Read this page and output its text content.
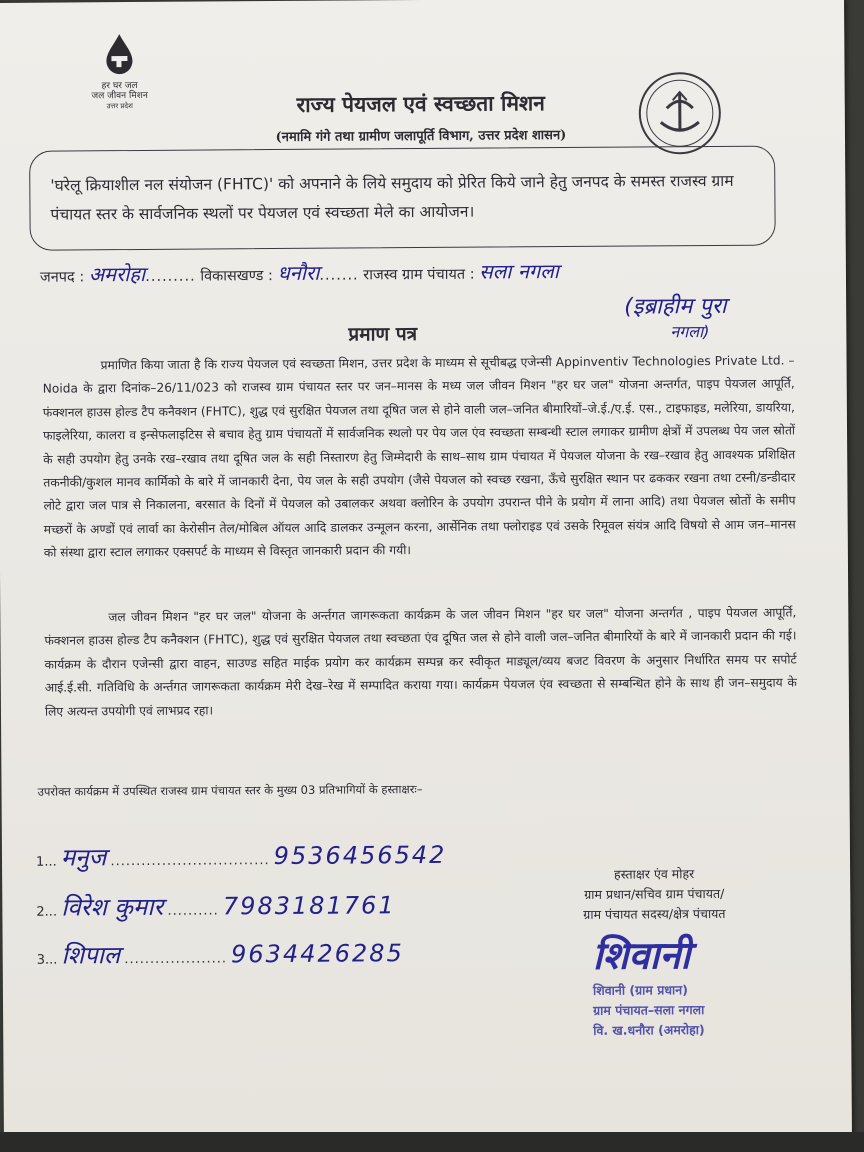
हर घर जल
जल जीवन मिशन
उत्तर प्रदेश	राज्य पेयजल एवं स्वच्छता मिशन
(नमामि गंगे तथा ग्रामीण जलापूर्ति विभाग, उत्तर प्रदेश शासन)
'घरेलू क्रियाशील नल संयोजन (FHTC)' को अपनाने के लिये समुदाय को प्रेरित किये जाने हेतु जनपद के समस्त राजस्व ग्राम पंचायत स्तर के सार्वजनिक स्थलों पर पेयजल एवं स्वच्छता मेले का आयोजन।
जनपद : अमरोहा......... विकासखण्ड : धनौरा....... राजस्व ग्राम पंचायत : सला नगला
(इब्राहीम पुरा
नगला)
प्रमाण पत्र
प्रमाणित किया जाता है कि राज्य पेयजल एवं स्वच्छता मिशन, उत्तर प्रदेश के माध्यम से सूचीबद्ध एजेन्सी Appinventiv Technologies Private Ltd. – Noida के द्वारा दिनांक–26/11/023 को राजस्व ग्राम पंचायत स्तर पर जन–मानस के मध्य जल जीवन मिशन "हर घर जल" योजना अन्तर्गत, पाइप पेयजल आपूर्ति, फंक्शनल हाउस होल्ड टैप कनैक्शन (FHTC), शुद्ध एवं सुरक्षित पेयजल तथा दूषित जल से होने वाली जल–जनित बीमारियों–जे.ई./ए.ई. एस., टाइफाइड, मलेरिया, डायरिया, फाइलेरिया, कालरा व इन्सेफलाइटिस से बचाव हेतु ग्राम पंचायतों में सार्वजनिक स्थलो पर पेय जल एंव स्वच्छता सम्बन्धी स्टाल लगाकर ग्रामीण क्षेत्रों में उपलब्ध पेय जल स्रोतों के सही उपयोग हेतु उनके रख–रखाव तथा दूषित जल के सही निस्तारण हेतु जिम्मेदारी के साथ–साथ ग्राम पंचायत में पेयजल योजना के रख–रखाव हेतु आवश्यक प्रशिक्षित तकनीकी/कुशल मानव कार्मिको के बारे में जानकारी देना, पेय जल के सही उपयोग (जैसे पेयजल को स्वच्छ रखना, ऊँचे सुरक्षित स्थान पर ढककर रखना तथा टस्नी/डन्डीदार लोटे द्वारा जल पात्र से निकालना, बरसात के दिनों में पेयजल को उबालकर अथवा क्लोरिन के उपयोग उपरान्त पीने के प्रयोग में लाना आदि) तथा पेयजल स्रोतों के समीप मच्छरों के अण्डों एवं लार्वा का केरोसीन तेल/मोबिल ऑयल आदि डालकर उन्मूलन करना, आर्सेनिक तथा फ्लोराइड एवं उसके रिमूवल संयंत्र आदि विषयो से आम जन–मानस को संस्था द्वारा स्टाल लगाकर एक्सपर्ट के माध्यम से विस्तृत जानकारी प्रदान की गयी।
जल जीवन मिशन "हर घर जल" योजना के अर्न्तगत जागरूकता कार्यक्रम के जल जीवन मिशन "हर घर जल" योजना अन्तर्गत , पाइप पेयजल आपूर्ति, फंक्शनल हाउस होल्ड टैप कनैक्शन (FHTC), शुद्ध एवं सुरक्षित पेयजल तथा स्वच्छता एंव दूषित जल से होने वाली जल–जनित बीमारियों के बारे में जानकारी प्रदान की गई। कार्यक्रम के दौरान एजेन्सी द्वारा वाहन, साउण्ड सहित माईक प्रयोग कर कार्यक्रम सम्पन्न कर स्वीकृत माड्यूल/व्यय बजट विवरण के अनुसार निर्धारित समय पर सपोर्ट आई.ई.सी. गतिविधि के अर्न्तगत जागरूकता कार्यक्रम मेरी देख–रेख में सम्पादित कराया गया। कार्यक्रम पेयजल एंव स्वच्छता से सम्बन्धित होने के साथ ही जन–समुदाय के लिए अत्यन्त उपयोगी एवं लाभप्रद रहा।
उपरोक्त कार्यक्रम में उपस्थित राजस्व ग्राम पंचायत स्तर के मुख्य 03 प्रतिभागियों के हस्ताक्षरः–
1... मनुज ............................... 9536456542
2... विरेश कुमार .......... 7983181761
3... शिपाल .................... 9634426285
हस्ताक्षर एंव मोहर
ग्राम प्रधान/सचिव ग्राम पंचायत/
ग्राम पंचायत सदस्य/क्षेत्र पंचायत
शिवानी
शिवानी (ग्राम प्रधान)
ग्राम पंचायत–सला नगला
वि. ख.धनौरा (अमरोहा)
